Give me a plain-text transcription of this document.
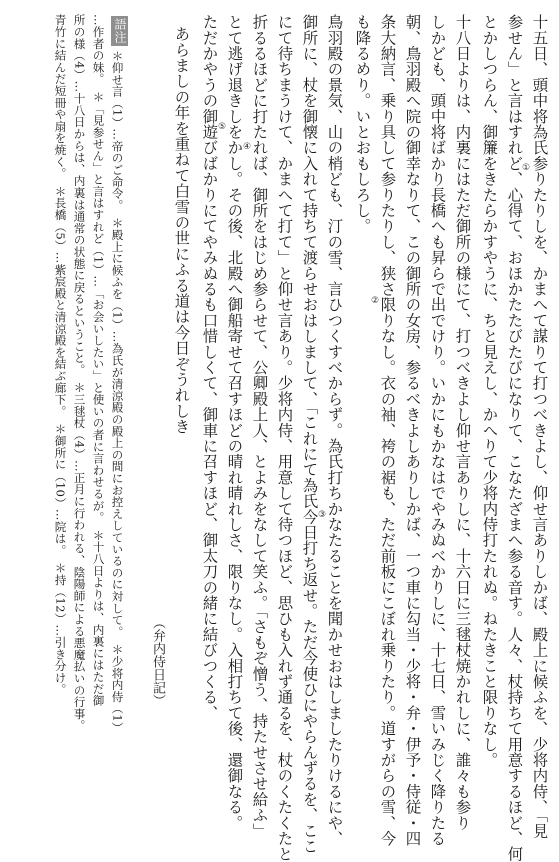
十五日、頭中将為氏参りたりしを、かまへて謀りて打つべきよし、仰せ言ありしかば、殿上に候ふを、少将内侍、「見
参せん」と言はすれど、心得て、おほかたたびたびになりて、こなたざまへ参る音す。人々、杖持ちて用意するほど、何
とかしつらん、御簾をきたらかすやうに、ちと見えし、かへりて少将内侍打たれぬ。ねたきこと限りなし。
十八日よりは、内裏にはただ御所の様にて、打つべきよし仰せ言ありしに、十六日に三毬杖焼かれしに、誰々も参り
しかども、頭中将ばかり長橋へも昇らで出でけり。いかにもかなはでやみぬべかりしに、十七日、雪いみじく降りたる
朝、鳥羽殿へ院の御幸なりて、この御所の女房、参るべきよしありしかば、一つ車に勾当・少将・弁・伊予・侍従・四
条大納言、乗り具して参りたりし、狭さ限りなし。衣の袖、袴の裾も、ただ前板にこぼれ乗りたり。道すがらの雪、今
も降るめり。いとおもしろし。
鳥羽殿の景気、山の梢ども、汀の雪、言ひつくすべからず。為氏打ちかなたることを聞かせおはしましたりけるにや、
御所に、杖を御懐に入れて持ちて渡らせおはしまして、「これにて為氏今日打ち返せ。ただ今使ひにやらんずるを、ここ
にて待ちまうけて、かまへて打て」と仰せ言あり。少将内侍、用意して待つほど、思ひも入れず通るを、杖のくたくたと
折るるほどに打たれば、御所をはじめ参らせて、公卿殿上人、とよみをなして笑ふ。「さもぞ憎う、持たせさせ給ふ」
とて逃げ退きしをかし。その後、北殿へ御船寄せて召すほどの晴れ晴れしさ、限りなし。入相打ちて後、還御なる。
ただかやうの御遊びばかりにてやみぬるも口惜しくて、御車に召すほど、御太刀の緒に結びつくる、
あらましの年を重ねて白雪の世にふる道は今日ぞうれしき
（弁内侍日記）
①
②
③
④
⑤
語注
＊仰せ言（1）…帝のご命令。　＊殿上に候ふを（1）…為氏が清涼殿の殿上の間にお控えしているのに対して。　＊少将内侍（1）
…作者の妹。　＊「見参せん」と言はすれど（1）…「お会いしたい」と使いの者に言わせるが。　＊十八日よりは、内裏にはただ御
所の様（4）…十八日からは、内裏は通常の状態に戻るということ。　＊三毬杖（4）…正月に行われる、陰陽師による悪魔払いの行事。
青竹に結んだ短冊や扇を焼く。　＊長橋（5）…紫宸殿と清涼殿を結ぶ廊下。　＊御所に（10）…院は。　＊持（12）…引き分け。
